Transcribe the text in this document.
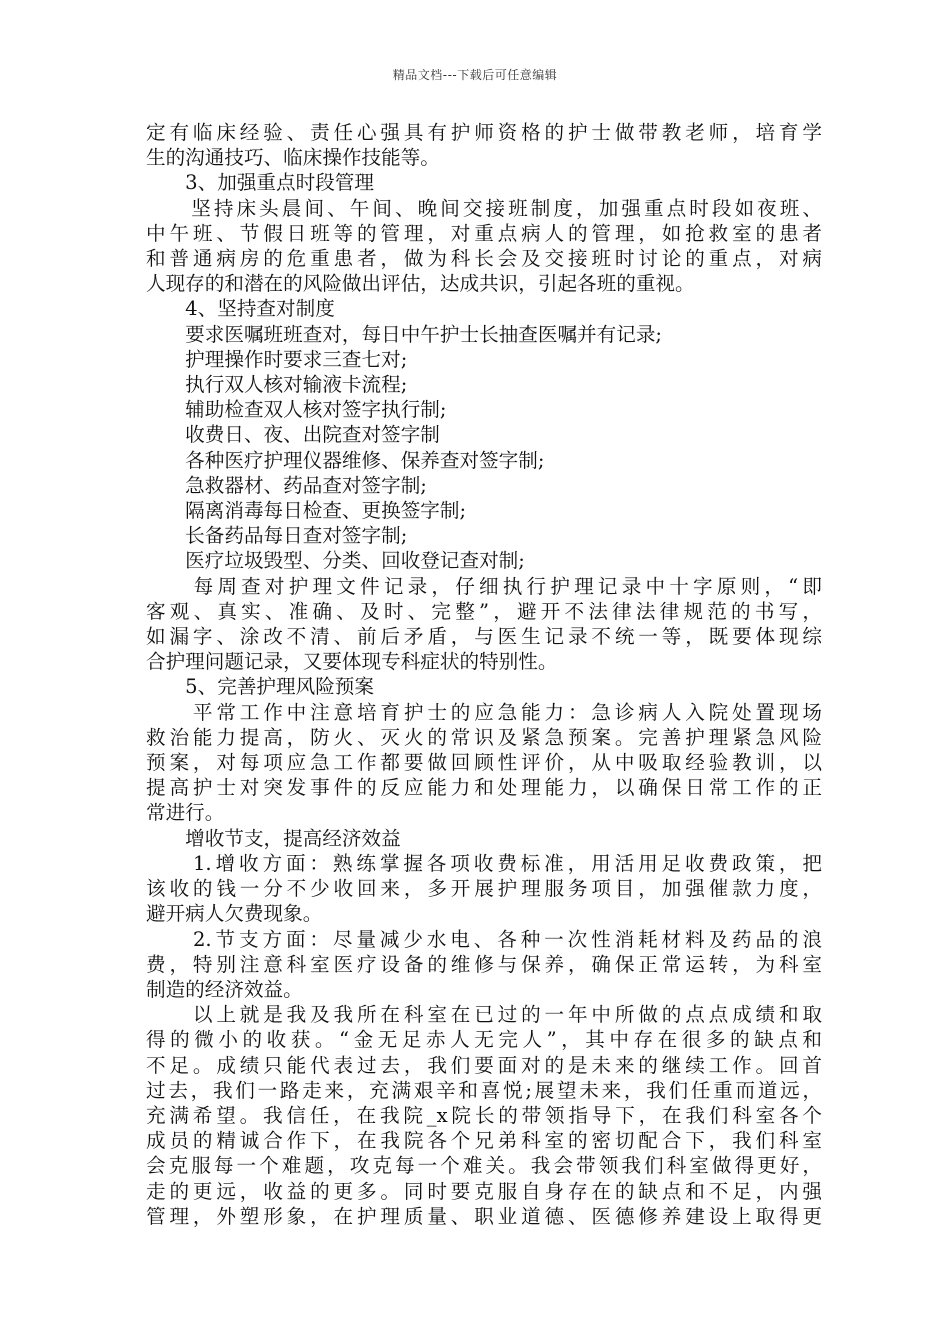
精品文档---下载后可任意编辑

定有临床经验、责任心强具有护师资格的护士做带教老师，培育学

生的沟通技巧、临床操作技能等。

　　3、加强重点时段管理

　　坚持床头晨间、午间、晚间交接班制度，加强重点时段如夜班、

中午班、节假日班等的管理，对重点病人的管理，如抢救室的患者

和普通病房的危重患者，做为科长会及交接班时讨论的重点，对病

人现存的和潜在的风险做出评估，达成共识，引起各班的重视。

　　4、坚持查对制度

　　要求医嘱班班查对，每日中午护士长抽查医嘱并有记录;

　　护理操作时要求三查七对;

　　执行双人核对输液卡流程;

　　辅助检查双人核对签字执行制;

　　收费日、夜、出院查对签字制

　　各种医疗护理仪器维修、保养查对签字制;

　　急救器材、药品查对签字制;

　　隔离消毒每日检查、更换签字制;

　　长备药品每日查对签字制;

　　医疗垃圾毁型、分类、回收登记查对制;

　　每周查对护理文件记录，仔细执行护理记录中十字原则，“即

客观、真实、准确、及时、完整”，避开不法律法律规范的书写，

如漏字、涂改不清、前后矛盾，与医生记录不统一等，既要体现综

合护理问题记录，又要体现专科症状的特别性。

　　5、完善护理风险预案

　　平常工作中注意培育护士的应急能力：急诊病人入院处置现场

救治能力提高，防火、灭火的常识及紧急预案。完善护理紧急风险

预案，对每项应急工作都要做回顾性评价，从中吸取经验教训，以

提高护士对突发事件的反应能力和处理能力，以确保日常工作的正

常进行。

　　增收节支，提高经济效益

　　1.增收方面：熟练掌握各项收费标准，用活用足收费政策，把

该收的钱一分不少收回来，多开展护理服务项目，加强催款力度，

避开病人欠费现象。

　　2.节支方面：尽量减少水电、各种一次性消耗材料及药品的浪

费，特别注意科室医疗设备的维修与保养，确保正常运转，为科室

制造的经济效益。

　　以上就是我及我所在科室在已过的一年中所做的点点成绩和取

得的微小的收获。“金无足赤人无完人”，其中存在很多的缺点和

不足。成绩只能代表过去，我们要面对的是未来的继续工作。回首

过去，我们一路走来，充满艰辛和喜悦;展望未来，我们任重而道远，

充满希望。我信任，在我院_x院长的带领指导下，在我们科室各个

成员的精诚合作下，在我院各个兄弟科室的密切配合下，我们科室

会克服每一个难题，攻克每一个难关。我会带领我们科室做得更好，

走的更远，收益的更多。同时要克服自身存在的缺点和不足，内强

管理，外塑形象，在护理质量、职业道德、医德修养建设上取得更
